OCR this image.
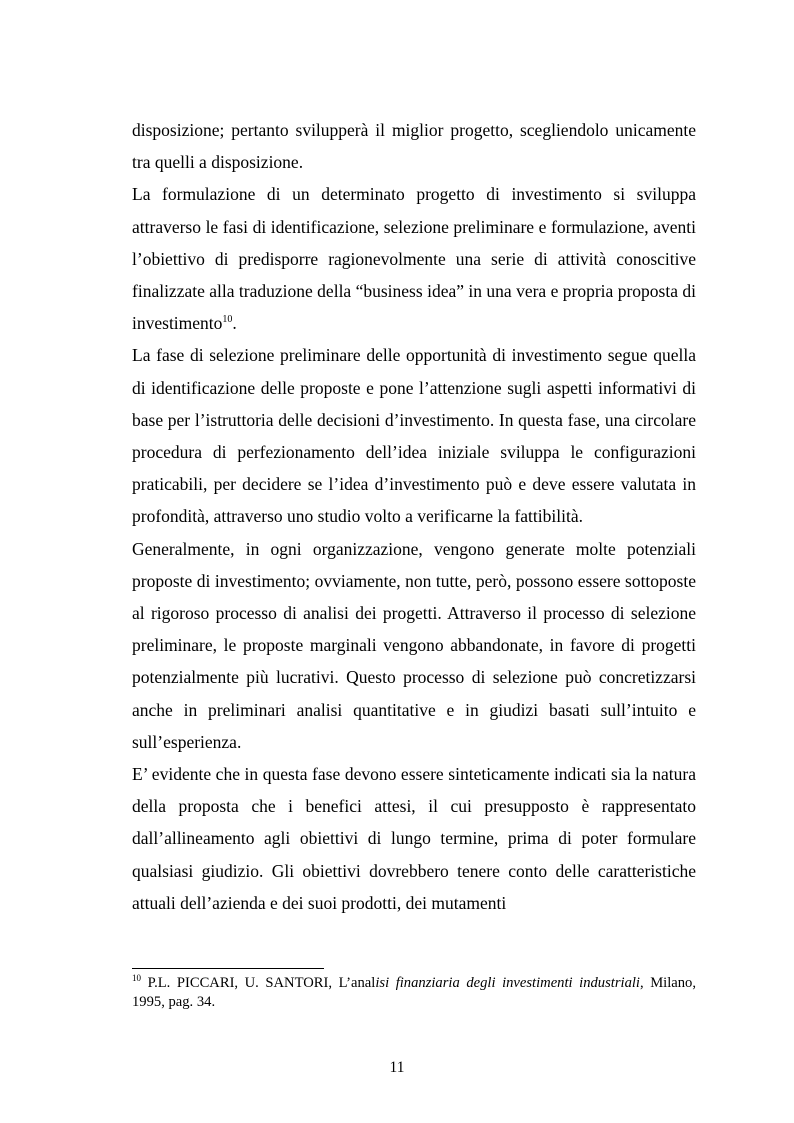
disposizione; pertanto svilupperà il miglior progetto, scegliendolo unicamente tra quelli a disposizione.

La formulazione di un determinato progetto di investimento si sviluppa attraverso le fasi di identificazione, selezione preliminare e formulazione, aventi l’obiettivo di predisporre ragionevolmente una serie di attività conoscitive finalizzate alla traduzione della “business idea” in una vera e propria proposta di investimento$^{10}$.

La fase di selezione preliminare delle opportunità di investimento segue quella di identificazione delle proposte e pone l’attenzione sugli aspetti informativi di base per l’istruttoria delle decisioni d’investimento. In questa fase, una circolare procedura di perfezionamento dell’idea iniziale sviluppa le configurazioni praticabili, per decidere se l’idea d’investimento può e deve essere valutata in profondità, attraverso uno studio volto a verificarne la fattibilità.

Generalmente, in ogni organizzazione, vengono generate molte potenziali proposte di investimento; ovviamente, non tutte, però, possono essere sottoposte al rigoroso processo di analisi dei progetti. Attraverso il processo di selezione preliminare, le proposte marginali vengono abbandonate, in favore di progetti potenzialmente più lucrativi. Questo processo di selezione può concretizzarsi anche in preliminari analisi quantitative e in giudizi basati sull’intuito e sull’esperienza.

E’ evidente che in questa fase devono essere sinteticamente indicati sia la natura della proposta che i benefici attesi, il cui presupposto è rappresentato dall’allineamento agli obiettivi di lungo termine, prima di poter formulare qualsiasi giudizio. Gli obiettivi dovrebbero tenere conto delle caratteristiche attuali dell’azienda e dei suoi prodotti, dei mutamenti

$^{10}$ P.L. PICCARI, U. SANTORI, L’analisi finanziaria degli investimenti industriali, Milano, 1995, pag. 34.
11
